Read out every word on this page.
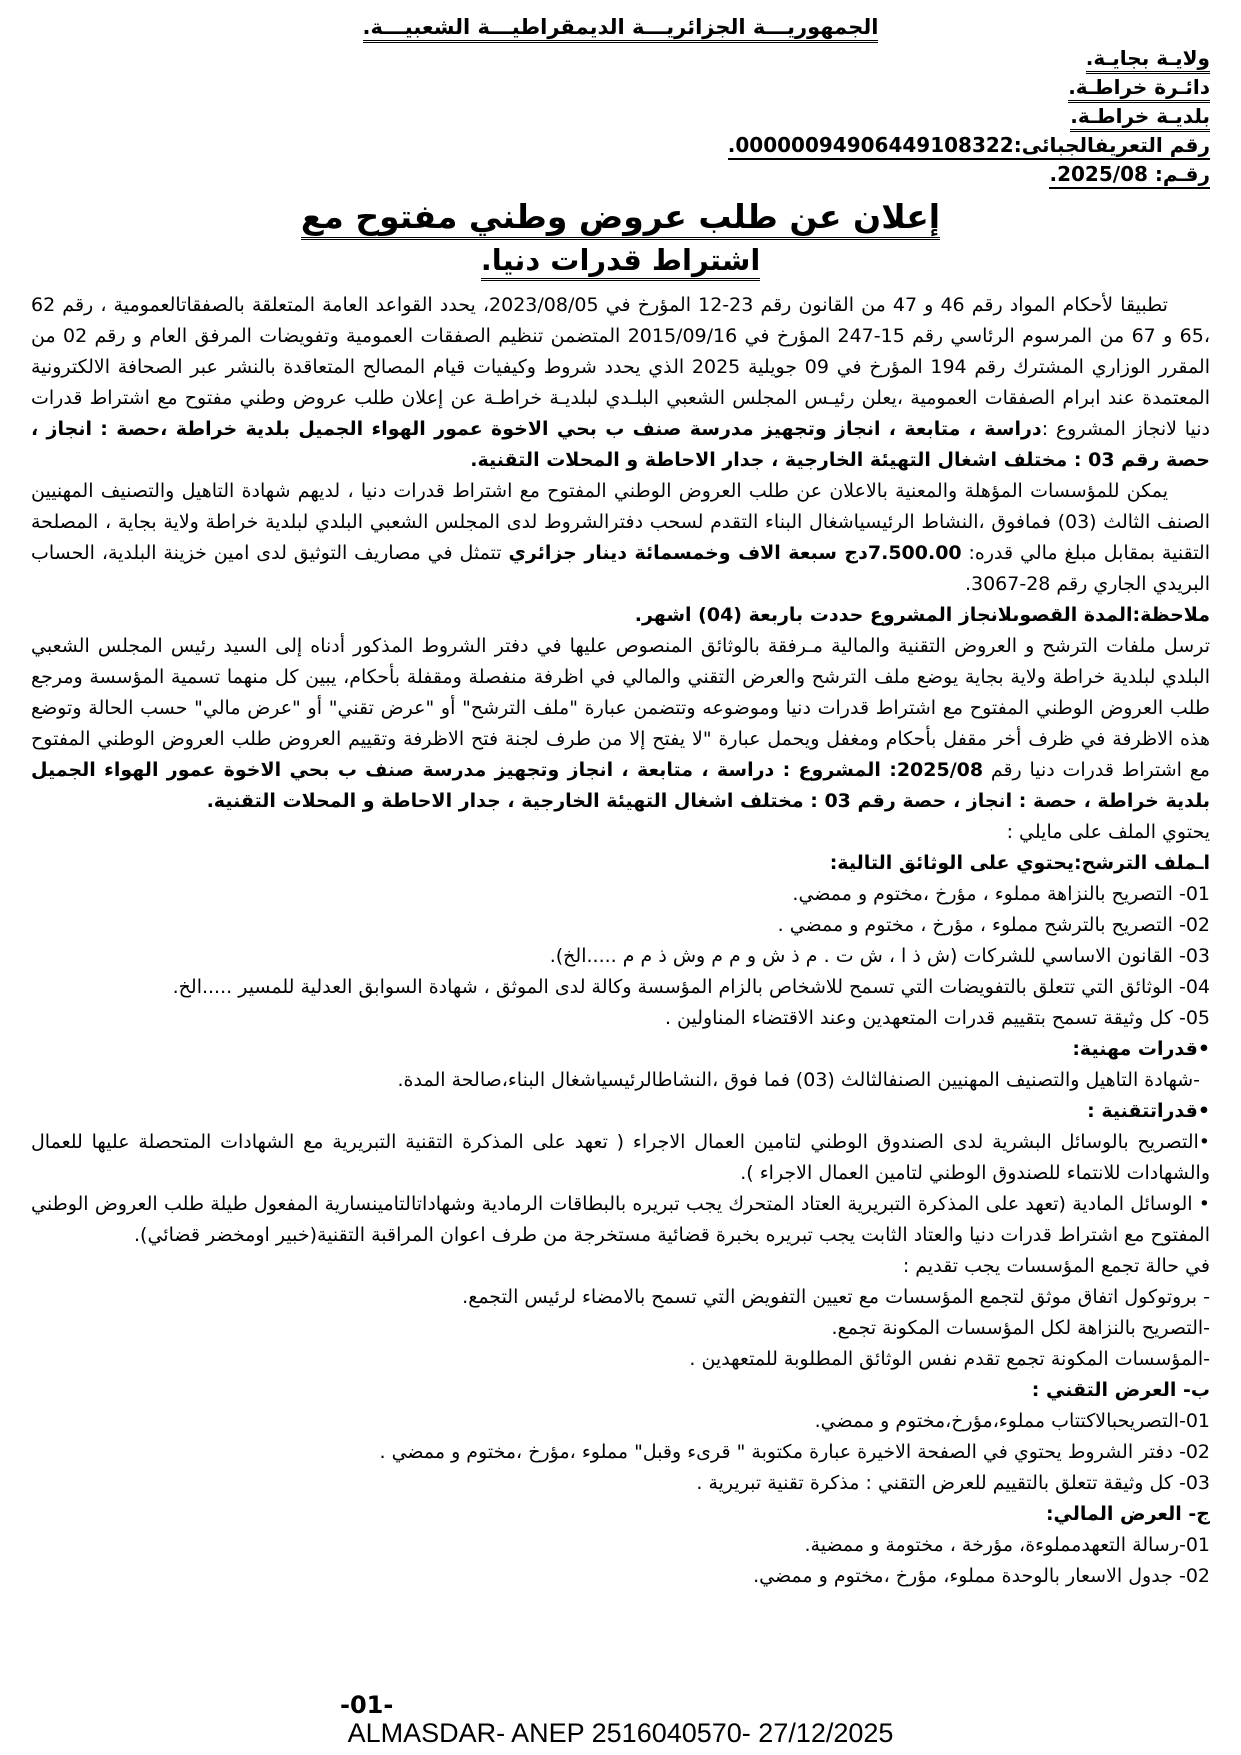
الجمهوريـــة الجزائريـــة الديمقراطيـــة الشعبيـــة.
ولايـة بجايـة.
دائـرة خراطـة.
بلديـة خراطـة.
رقم التعريفالجبائى:00000094906449108322.
رقـم: 2025/08.
إعلان عن طلب عروض وطني مفتوح مع
اشتراط قدرات دنيا.
تطبيقا لأحكام المواد رقم 46 و 47 من القانون رقم 23-12 المؤرخ في 2023/08/05، يحدد القواعد العامة المتعلقة بالصفقاتالعمومية ، رقم 62 ،65 و 67 من المرسوم الرئاسي رقم 15-247 المؤرخ في 2015/09/16 المتضمن تنظيم الصفقات العمومية وتفويضات المرفق العام و رقم 02 من المقرر الوزاري المشترك رقم 194 المؤرخ في 09 جويلية 2025 الذي يحدد شروط وكيفيات قيام المصالح المتعاقدة بالنشر عبر الصحافة الالكترونية المعتمدة عند ابرام الصفقات العمومية ،يعلن رئيـس المجلس الشعبي البلـدي لبلديـة خراطـة عن إعلان طلب عروض وطني مفتوح مع اشتراط قدرات دنيا لانجاز المشروع :دراسة ، متابعة ، انجاز وتجهيز مدرسة صنف ب بحي الاخوة عمور الهواء الجميل بلدية خراطة ،حصة : انجاز ، حصة رقم 03 : مختلف اشغال التهيئة الخارجية ، جدار الاحاطة و المحلات التقنية.
يمكن للمؤسسات المؤهلة والمعنية بالاعلان عن طلب العروض الوطني المفتوح مع اشتراط قدرات دنيا ، لديهم شهادة التاهيل والتصنيف المهنيين الصنف الثالث (03) فمافوق ،النشاط الرئيسياشغال البناء التقدم لسحب دفترالشروط لدى المجلس الشعبي البلدي لبلدية خراطة ولاية بجاية ، المصلحة التقنية بمقابل مبلغ مالي قدره: 7.500.00دج سبعة الاف وخمسمائة دينار جزائري تتمثل في مصاريف التوثيق لدى امين خزينة البلدية، الحساب البريدي الجاري رقم 28-3067.
ملاحظة:المدة القصوىلانجاز المشروع حددت باربعة (04) اشهر.
ترسل ملفات الترشح و العروض التقنية والمالية مـرفقة بالوثائق المنصوص عليها في دفتر الشروط المذكور أدناه إلى السيد رئيس المجلس الشعبي البلدي لبلدية خراطة ولاية بجاية يوضع ملف الترشح والعرض التقني والمالي في اظرفة منفصلة ومقفلة بأحكام، يبين كل منهما تسمية المؤسسة ومرجع طلب العروض الوطني المفتوح مع اشتراط قدرات دنيا وموضوعه وتتضمن عبارة "ملف الترشح" أو "عرض تقني" أو "عرض مالي" حسب الحالة وتوضع هذه الاظرفة في ظرف أخر مقفل بأحكام ومغفل ويحمل عبارة "لا يفتح إلا من طرف لجنة فتح الاظرفة وتقييم العروض طلب العروض الوطني المفتوح مع اشتراط قدرات دنيا رقم 2025/08: المشروع : دراسة ، متابعة ، انجاز وتجهيز مدرسة صنف ب بحي الاخوة عمور الهواء الجميل بلدية خراطة ، حصة : انجاز ، حصة رقم 03 : مختلف اشغال التهيئة الخارجية ، جدار الاحاطة و المحلات التقنية.
يحتوي الملف على مايلي :
اـملف الترشح:يحتوي على الوثائق التالية:
01- التصريح بالنزاهة مملوء ، مؤرخ ،مختوم و ممضي.
02- التصريح بالترشح مملوء ، مؤرخ ، مختوم و ممضي .
03- القانون الاساسي للشركات (ش ذ ا ، ش ت . م ذ ش و م م وش ذ م م .....الخ).
04- الوثائق التي تتعلق بالتفويضات التي تسمح للاشخاص بالزام المؤسسة وكالة لدى الموثق ، شهادة السوابق العدلية للمسير .....الخ.
05- كل وثيقة تسمح بتقييم قدرات المتعهدين وعند الاقتضاء المناولين .
•قدرات مهنية:
-شهادة التاهيل والتصنيف المهنيين الصنفالثالث (03) فما فوق ،النشاطالرئيسياشغال البناء،صالحة المدة.
•قدراتتقنية :
•التصريح بالوسائل البشرية لدى الصندوق الوطني لتامين العمال الاجراء ( تعهد على المذكرة التقنية التبريرية مع الشهادات المتحصلة عليها للعمال والشهادات للانتماء للصندوق الوطني لتامين العمال الاجراء ).
• الوسائل المادية (تعهد على المذكرة التبريرية العتاد المتحرك يجب تبريره بالبطاقات الرمادية وشهاداتالتامينسارية المفعول طيلة طلب العروض الوطني المفتوح مع اشتراط قدرات دنيا والعتاد الثابت يجب تبريره بخبرة قضائية مستخرجة من طرف اعوان المراقبة التقنية(خبير اومخضر قضائي).
في حالة تجمع المؤسسات يجب تقديم :
- بروتوكول اتفاق موثق لتجمع المؤسسات مع تعيين التفويض التي تسمح بالامضاء لرئيس التجمع.
-التصريح بالنزاهة لكل المؤسسات المكونة تجمع.
-المؤسسات المكونة تجمع تقدم نفس الوثائق المطلوبة للمتعهدين .
ب- العرض التقني :
01-التصريحبالاكتتاب مملوء،مؤرخ،مختوم و ممضي.
02- دفتر الشروط يحتوي في الصفحة الاخيرة عبارة مكتوبة " قرىء وقبل" مملوء ،مؤرخ ،مختوم و ممضي .
03- كل وثيقة تتعلق بالتقييم للعرض التقني : مذكرة تقنية تبريرية .
ج- العرض المالي:
01-رسالة التعهدمملوءة، مؤرخة ، مختومة و ممضية.
02- جدول الاسعار بالوحدة مملوء، مؤرخ ،مختوم و ممضي.
-01-
ALMASDAR- ANEP 2516040570- 27/12/2025
